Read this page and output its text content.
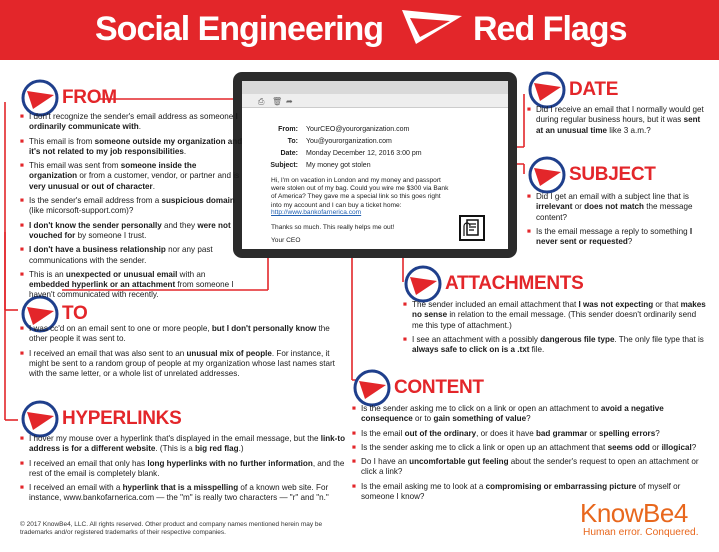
Social Engineering	Red Flags
⎙ 🗑 ➦
From: YourCEO@yourorganization.com
To: You@yourorganization.com
Date: Monday December 12, 2016 3:00 pm
Subject: My money got stolen
Hi, I'm on vacation in London and my money and passport were stolen out of my bag. Could you wire me $300 via Bank of America? They gave me a special link so this goes right into my account and I can buy a ticket home:
http://www.bankofarnerica.com
Thanks so much. This really helps me out!
Your CEO
FROM
TO
HYPERLINKS
DATE
SUBJECT
ATTACHMENTS
CONTENT
■ I don't recognize the sender's email address as someone I ordinarily communicate with.
■ This email is from someone outside my organization and it's not related to my job responsibilities.
■ This email was sent from someone inside the organization or from a customer, vendor, or partner and is very unusual or out of character.
■ Is the sender's email address from a suspicious domain (like micorsoft-support.com)?
■ I don't know the sender personally and they were not vouched for by someone I trust.
■ I don't have a business relationship nor any past communications with the sender.
■ This is an unexpected or unusual email with an embedded hyperlink or an attachment from someone I haven't communicated with recently.
■ I was cc'd on an email sent to one or more people, but I don't personally know the other people it was sent to.
■ I received an email that was also sent to an unusual mix of people. For instance, it might be sent to a random group of people at my organization whose last names start with the same letter, or a whole list of unrelated addresses.
■ I hover my mouse over a hyperlink that's displayed in the email message, but the link-to address is for a different website. (This is a big red flag.)
■ I received an email that only has long hyperlinks with no further information, and the rest of the email is completely blank.
■ I received an email with a hyperlink that is a misspelling of a known web site. For instance, www.bankofarnerica.com — the "m" is really two characters — "r" and "n."
■ Did I receive an email that I normally would get during regular business hours, but it was sent at an unusual time like 3 a.m.?
■ Did I get an email with a subject line that is irrelevant or does not match the message content?
■ Is the email message a reply to something I never sent or requested?
■ The sender included an email attachment that I was not expecting or that makes no sense in relation to the email message. (This sender doesn't ordinarily send me this type of attachment.)
■ I see an attachment with a possibly dangerous file type. The only file type that is always safe to click on is a .txt file.
■ Is the sender asking me to click on a link or open an attachment to avoid a negative consequence or to gain something of value?
■ Is the email out of the ordinary, or does it have bad grammar or spelling errors?
■ Is the sender asking me to click a link or open up an attachment that seems odd or illogical?
■ Do I have an uncomfortable gut feeling about the sender's request to open an attachment or click a link?
■ Is the email asking me to look at a compromising or embarrassing picture of myself or someone I know?
© 2017 KnowBe4, LLC. All rights reserved. Other product and company names mentioned herein may be trademarks and/or registered trademarks of their respective companies.
KnowBe4
Human error. Conquered.
